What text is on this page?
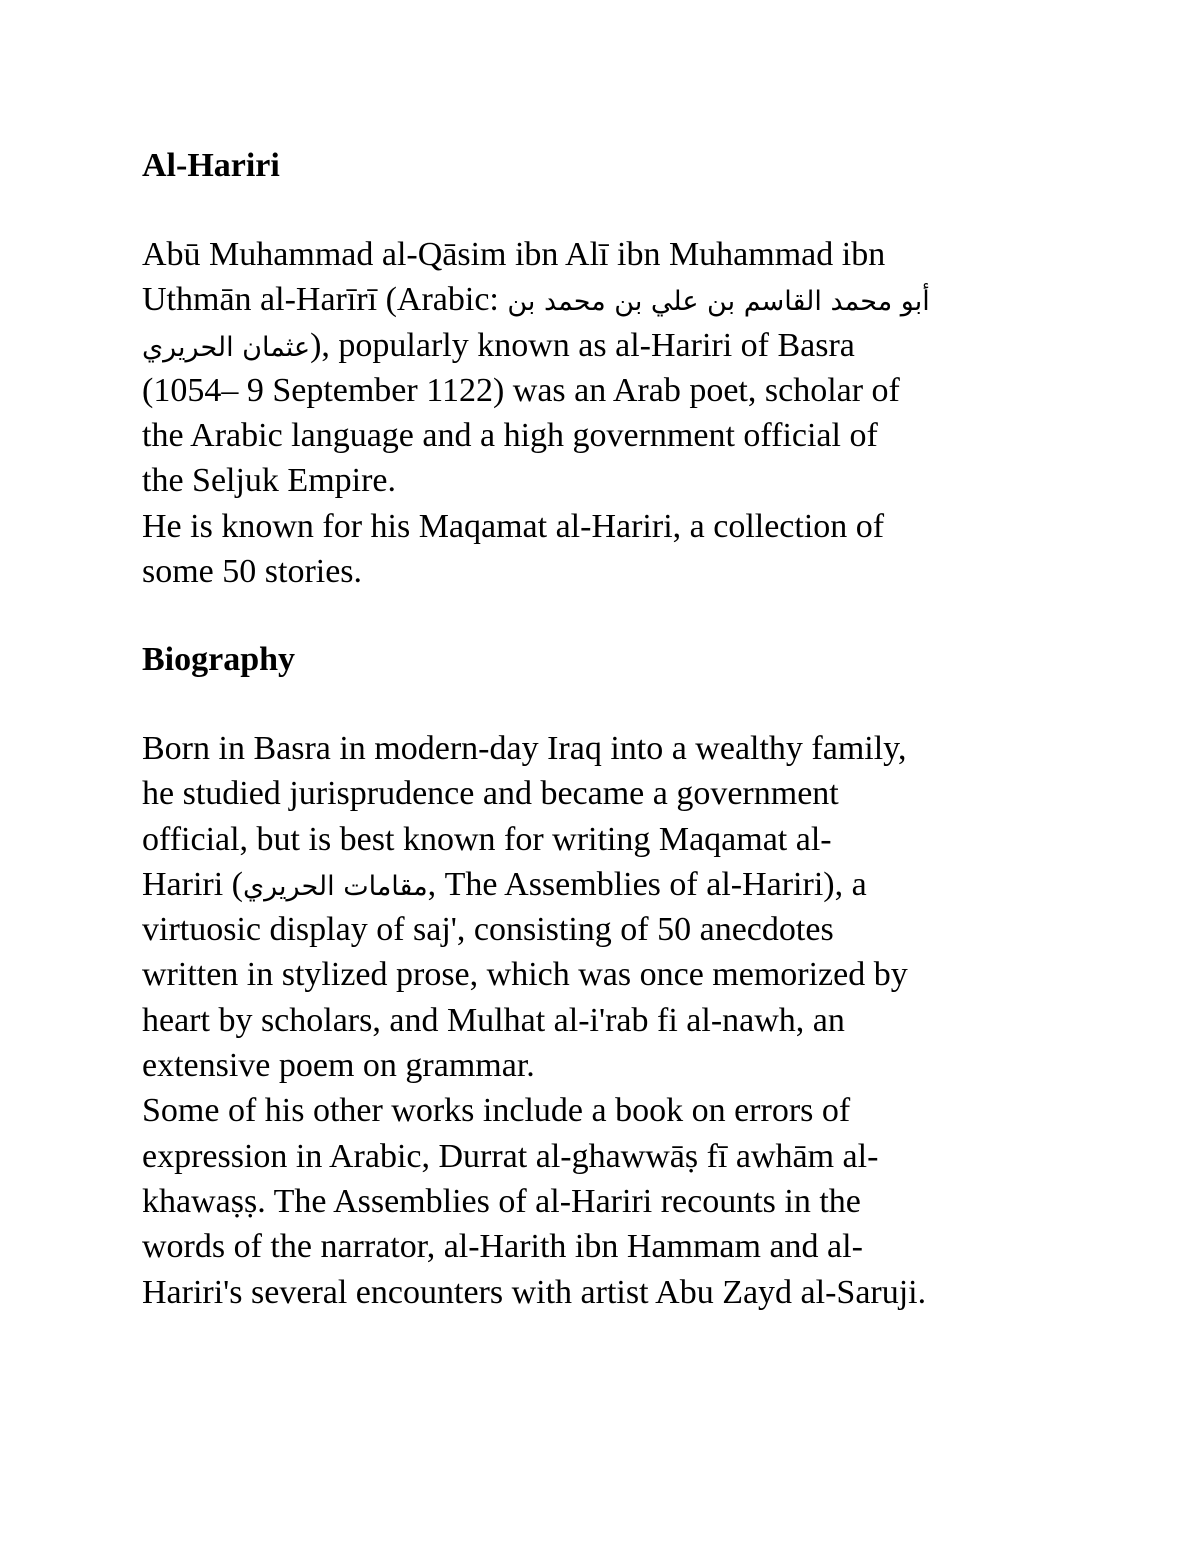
Al-Hariri
Abū Muhammad al-Qāsim ibn Alī ibn Muhammad ibn
Uthmān al-Harīrī (Arabic: أبو محمد القاسم بن علي بن محمد بن
عثمان الحريري), popularly known as al-Hariri of Basra
(1054– 9 September 1122) was an Arab poet, scholar of
the Arabic language and a high government official of
the Seljuk Empire.
He is known for his Maqamat al-Hariri, a collection of
some 50 stories.
Biography
Born in Basra in modern-day Iraq into a wealthy family,
he studied jurisprudence and became a government
official, but is best known for writing Maqamat al-
Hariri (مقامات الحريري, The Assemblies of al-Hariri), a
virtuosic display of saj', consisting of 50 anecdotes
written in stylized prose, which was once memorized by
heart by scholars, and Mulhat al-i'rab fi al-nawh, an
extensive poem on grammar.
Some of his other works include a book on errors of
expression in Arabic, Durrat al-ghawwāṣ fī awhām al-
khawaṣṣ. The Assemblies of al-Hariri recounts in the
words of the narrator, al-Harith ibn Hammam and al-
Hariri's several encounters with artist Abu Zayd al-Saruji.
